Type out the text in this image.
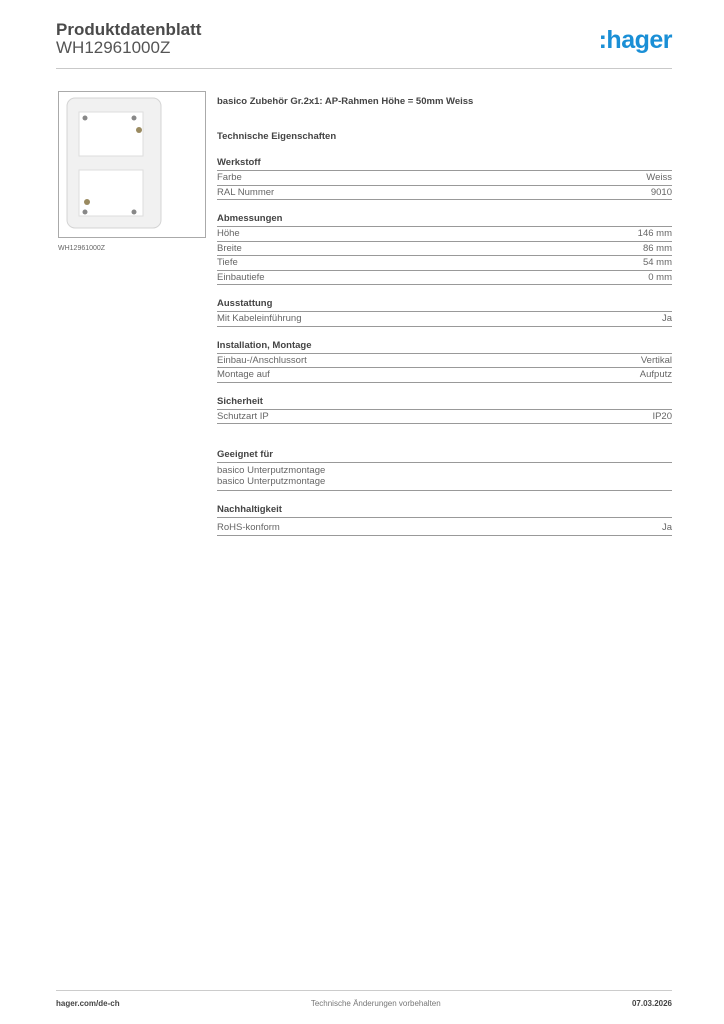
Produktdatenblatt
WH12961000Z	:hager
WH12961000Z
basico Zubehör Gr.2x1: AP-Rahmen Höhe = 50mm Weiss
Technische Eigenschaften
Werkstoff
Farbe	Weiss
RAL Nummer	9010
Abmessungen
Höhe	146 mm
Breite	86 mm
Tiefe	54 mm
Einbautiefe	0 mm
Ausstattung
Mit Kabeleinführung	Ja
Installation, Montage
Einbau-/Anschlussort	Vertikal
Montage auf	Aufputz
Sicherheit
Schutzart IP	IP20
Geeignet für
basico Unterputzmontage
basico Unterputzmontage
Nachhaltigkeit
RoHS-konform	Ja
hager.com/de-ch	Technische Änderungen vorbehalten	07.03.2026
